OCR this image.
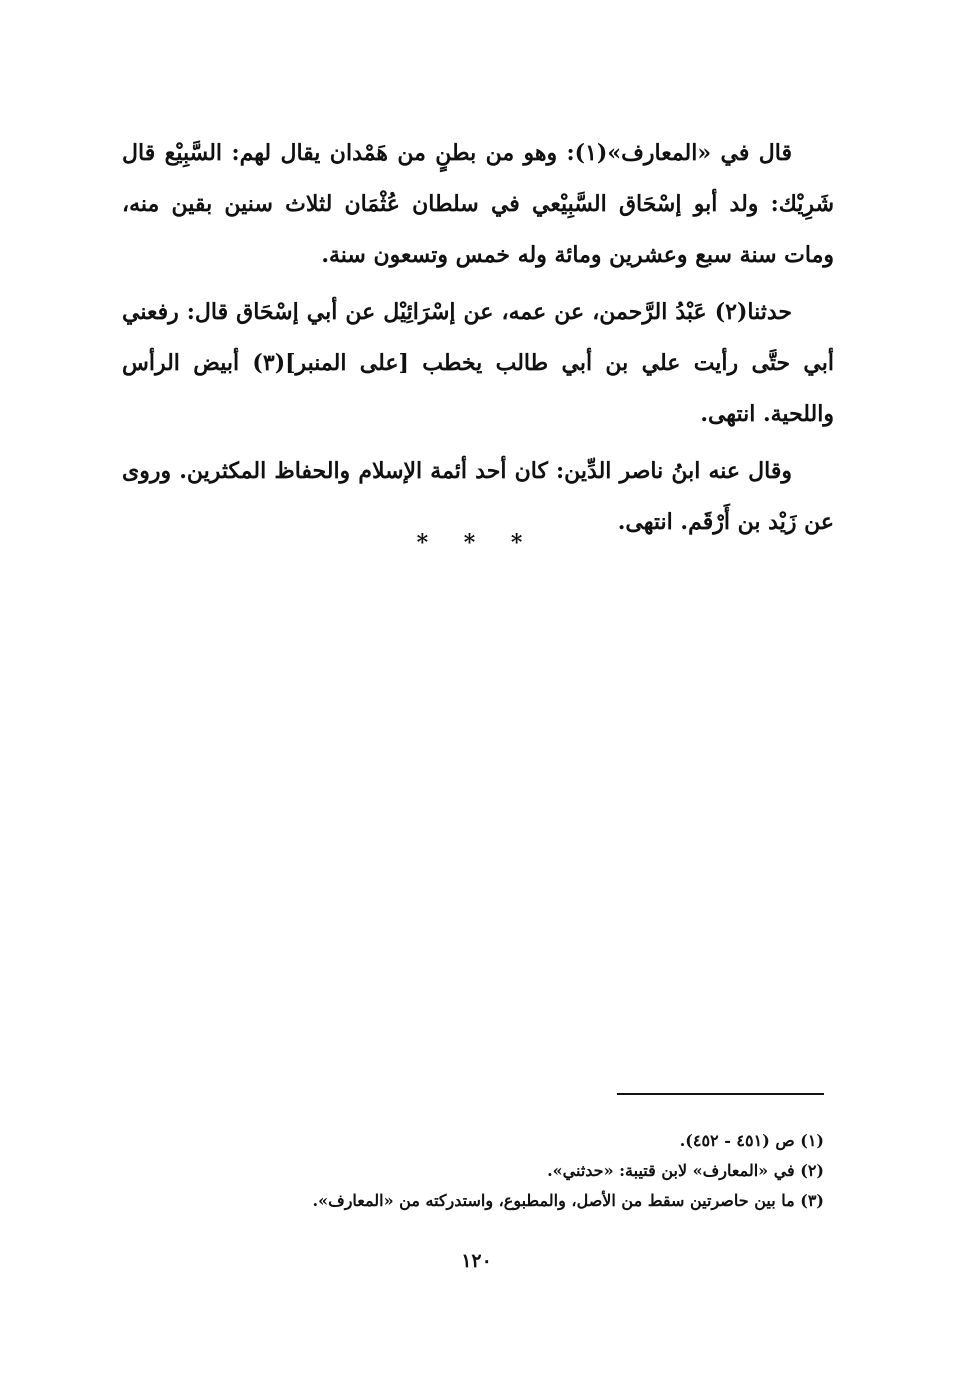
قال في «المعارف»(١): وهو من بطنٍ من هَمْدان يقال لهم: السَّبِيْع قال شَرِيْك: ولد أبو إسْحَاق السَّبِيْعي في سلطان عُثْمَان لثلاث سنين بقين منه، ومات سنة سبع وعشرين ومائة وله خمس وتسعون سنة.

حدثنا(٢) عَبْدُ الرَّحمن، عن عمه، عن إسْرَائِيْل عن أبي إسْحَاق قال: رفعني أبي حتَّى رأيت علي بن أبي طالب يخطب [على المنبر](٣) أبيض الرأس واللحية. انتهى.

وقال عنه ابنُ ناصر الدِّين: كان أحد أئمة الإسلام والحفاظ المكثرين. وروى عن زَيْد بن أَرْقَم. انتهى.

* * *
(١) ص (٤٥١ - ٤٥٢).
(٢) في «المعارف» لابن قتيبة: «حدثني».
(٣) ما بين حاصرتين سقط من الأصل، والمطبوع، واستدركته من «المعارف».
١٢٠
